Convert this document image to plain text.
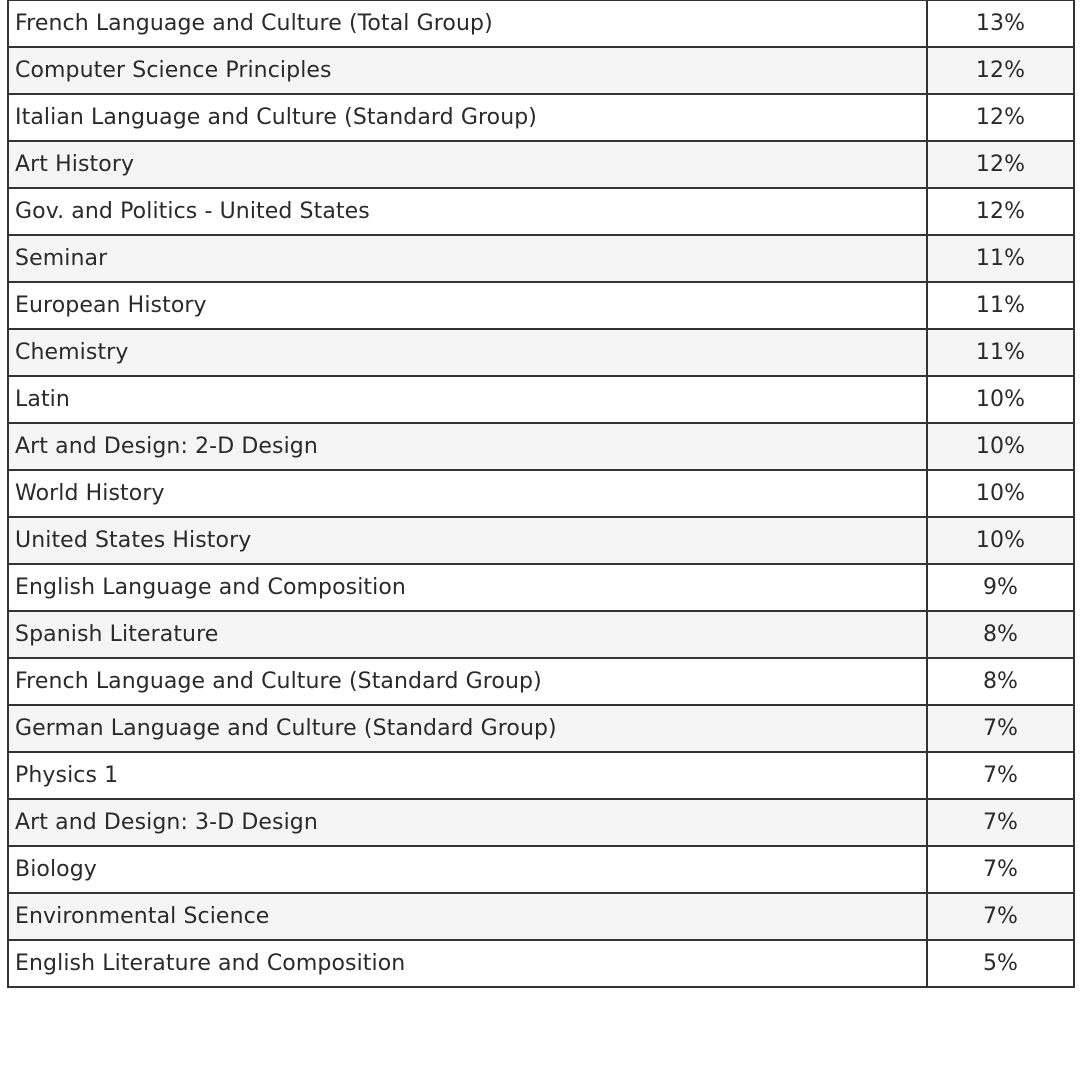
French Language and Culture (Total Group)	13%
Computer Science Principles	12%
Italian Language and Culture (Standard Group)	12%
Art History	12%
Gov. and Politics - United States	12%
Seminar	11%
European History	11%
Chemistry	11%
Latin	10%
Art and Design: 2-D Design	10%
World History	10%
United States History	10%
English Language and Composition	9%
Spanish Literature	8%
French Language and Culture (Standard Group)	8%
German Language and Culture (Standard Group)	7%
Physics 1	7%
Art and Design: 3-D Design	7%
Biology	7%
Environmental Science	7%
English Literature and Composition	5%
